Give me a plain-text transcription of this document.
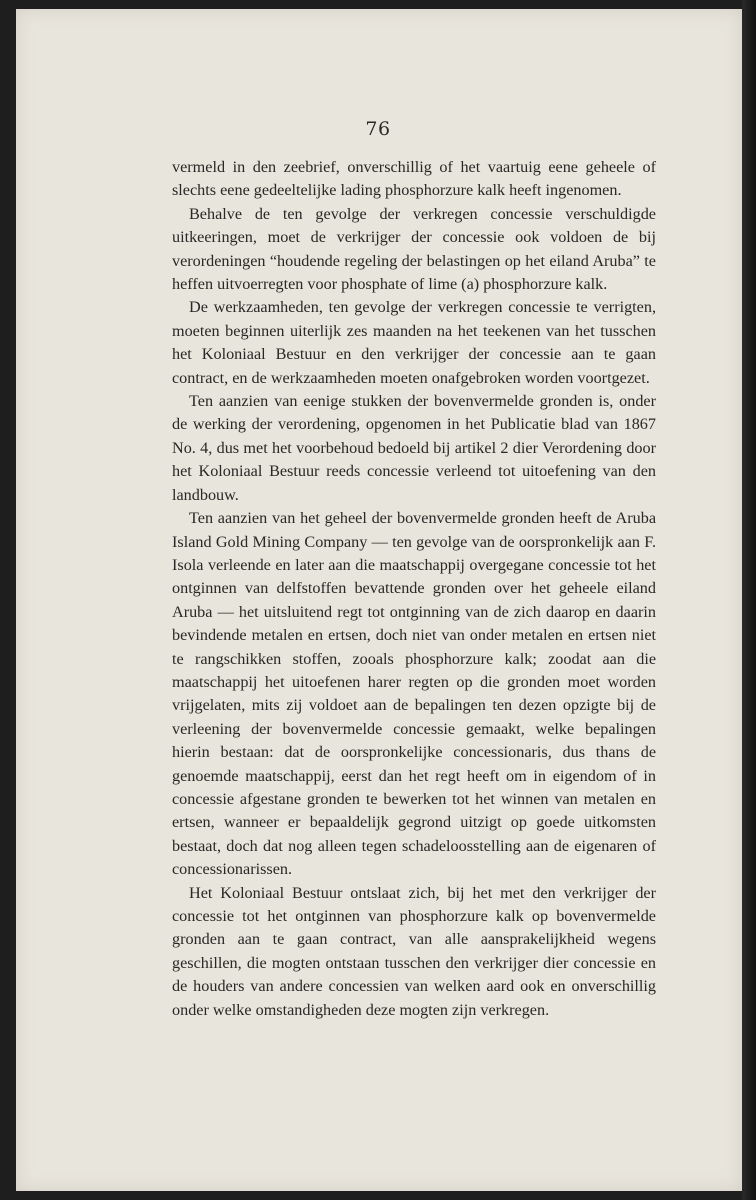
76

vermeld in den zeebrief, onverschillig of het vaartuig eene geheele of slechts eene gedeeltelijke lading phosphorzure kalk heeft ingenomen.

Behalve de ten gevolge der verkregen concessie verschuldigde uitkeeringen, moet de verkrijger der concessie ook voldoen de bij verordeningen “houdende regeling der belastingen op het eiland Aruba” te heffen uitvoerregten voor phosphate of lime (a) phosphorzure kalk.

De werkzaamheden, ten gevolge der verkregen concessie te verrigten, moeten beginnen uiterlijk zes maanden na het teekenen van het tusschen het Koloniaal Bestuur en den verkrijger der concessie aan te gaan contract, en de werkzaamheden moeten onafgebroken worden voortgezet.

Ten aanzien van eenige stukken der bovenvermelde gronden is, onder de werking der verordening, opgenomen in het Publicatie blad van 1867 No. 4, dus met het voorbehoud bedoeld bij artikel 2 dier Verordening door het Koloniaal Bestuur reeds concessie verleend tot uitoefening van den landbouw.

Ten aanzien van het geheel der bovenvermelde gronden heeft de Aruba Island Gold Mining Company — ten gevolge van de oorspronkelijk aan F. Isola verleende en later aan die maatschappij overgegane concessie tot het ontginnen van delfstoffen bevattende gronden over het geheele eiland Aruba — het uitsluitend regt tot ontginning van de zich daarop en daarin bevindende metalen en ertsen, doch niet van onder metalen en ertsen niet te rangschikken stoffen, zooals phosphorzure kalk; zoodat aan die maatschappij het uitoefenen harer regten op die gronden moet worden vrijgelaten, mits zij voldoet aan de bepalingen ten dezen opzigte bij de verleening der bovenvermelde concessie gemaakt, welke bepalingen hierin bestaan: dat de oorspronkelijke concessionaris, dus thans de genoemde maatschappij, eerst dan het regt heeft om in eigendom of in concessie afgestane gronden te bewerken tot het winnen van metalen en ertsen, wanneer er bepaaldelijk gegrond uitzigt op goede uitkomsten bestaat, doch dat nog alleen tegen schadeloosstelling aan de eigenaren of concessionarissen.

Het Koloniaal Bestuur ontslaat zich, bij het met den verkrijger der concessie tot het ontginnen van phosphorzure kalk op bovenvermelde gronden aan te gaan contract, van alle aansprakelijkheid wegens geschillen, die mogten ontstaan tusschen den verkrijger dier concessie en de houders van andere concessien van welken aard ook en onverschillig onder welke omstandigheden deze mogten zijn verkregen.
